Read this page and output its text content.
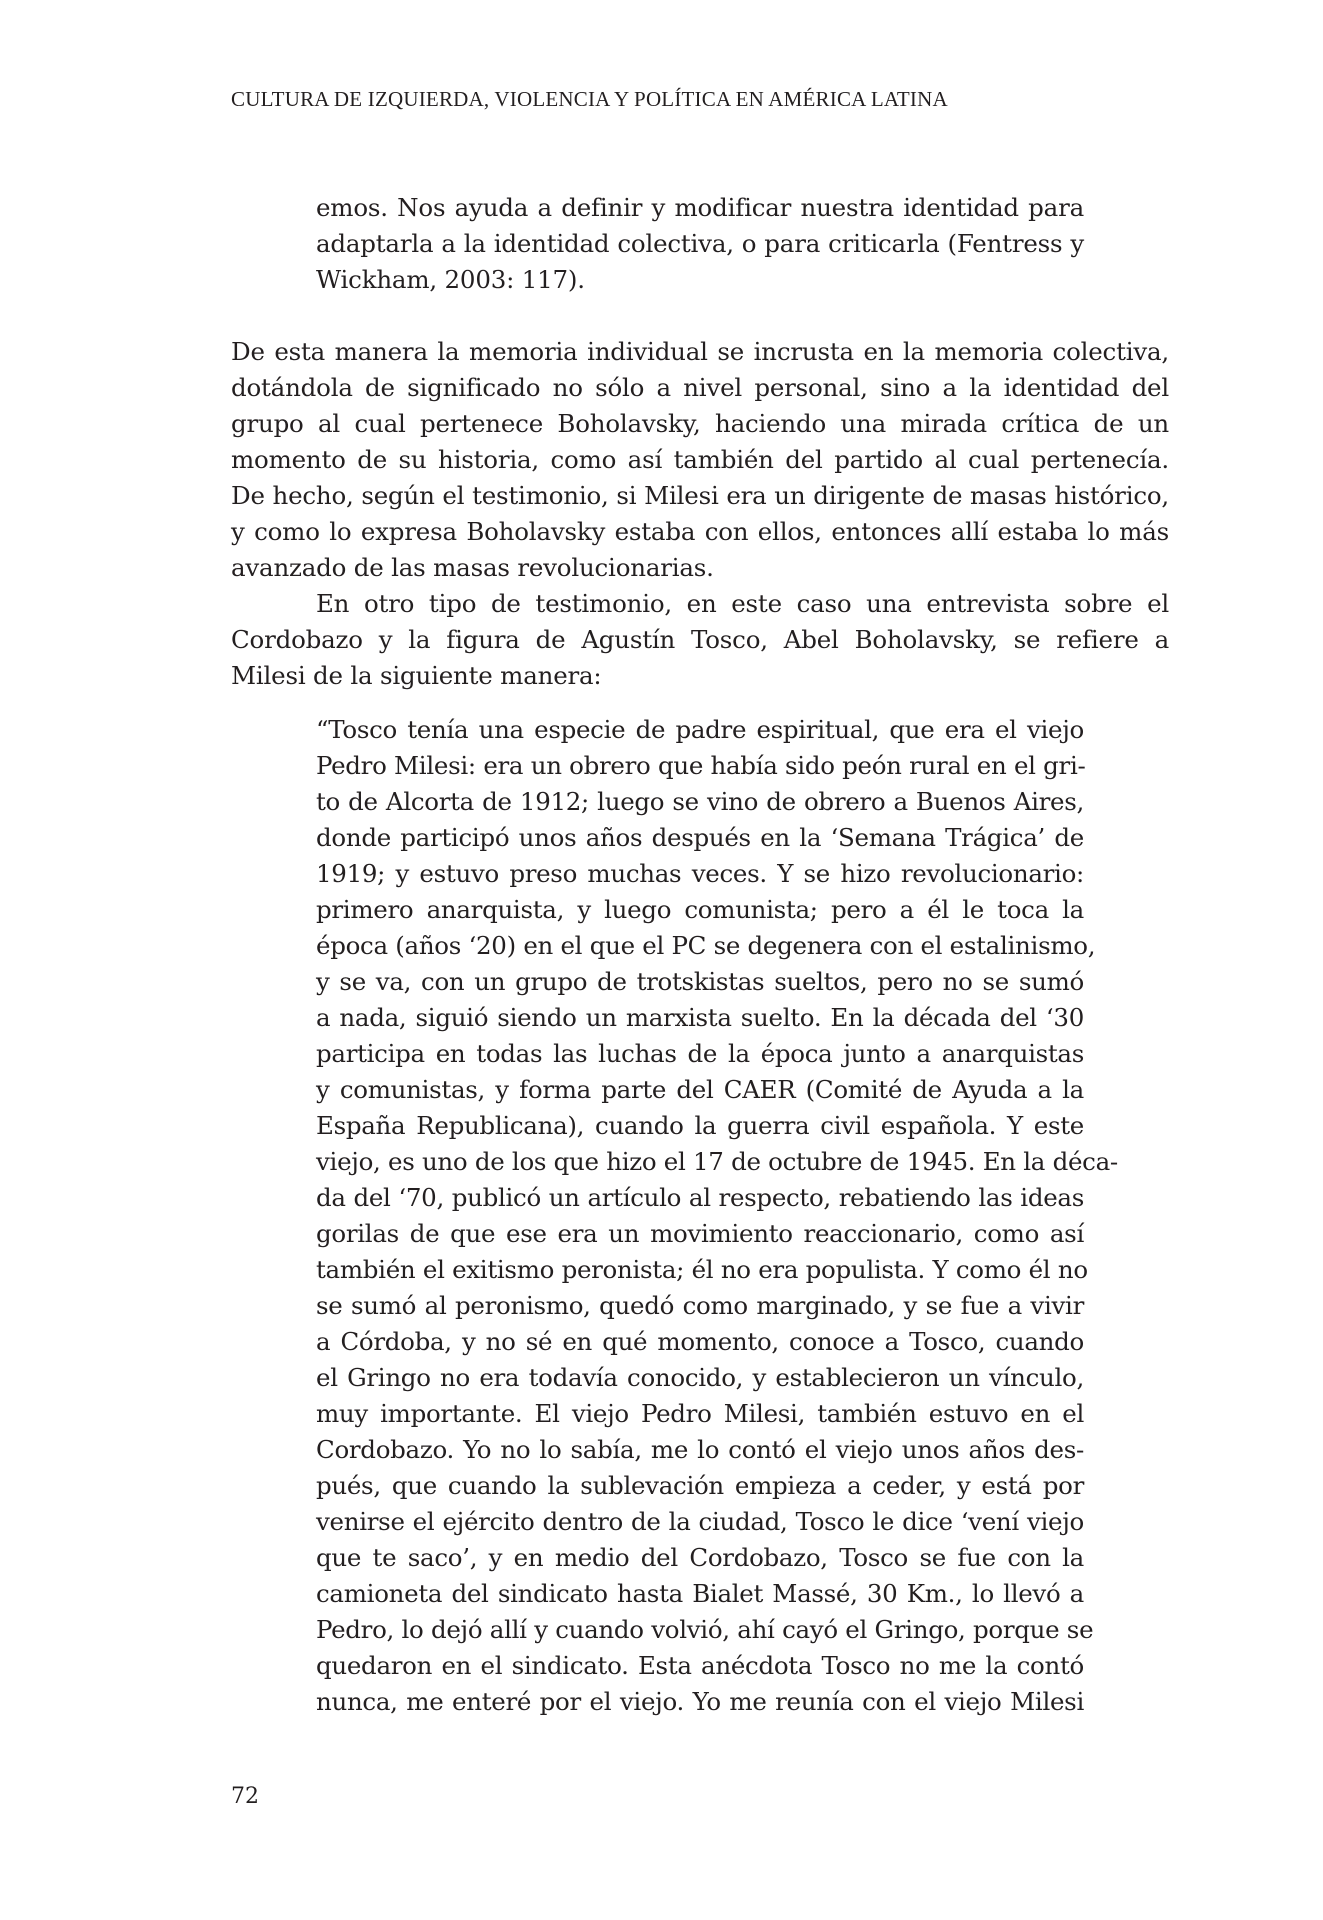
CULTURA DE IZQUIERDA, VIOLENCIA Y POLÍTICA EN AMÉRICA LATINA
emos. Nos ayuda a definir y modificar nuestra identidad para
adaptarla a la identidad colectiva, o para criticarla (Fentress y
Wickham, 2003: 117).
De esta manera la memoria individual se incrusta en la memoria colectiva,
dotándola de significado no sólo a nivel personal, sino a la identidad del
grupo al cual pertenece Boholavsky, haciendo una mirada crítica de un
momento de su historia, como así también del partido al cual pertenecía.
De hecho, según el testimonio, si Milesi era un dirigente de masas histórico,
y como lo expresa Boholavsky estaba con ellos, entonces allí estaba lo más
avanzado de las masas revolucionarias.
En otro tipo de testimonio, en este caso una entrevista sobre el
Cordobazo y la figura de Agustín Tosco, Abel Boholavsky, se refiere a
Milesi de la siguiente manera:
“Tosco tenía una especie de padre espiritual, que era el viejo
Pedro Milesi: era un obrero que había sido peón rural en el gri-
to de Alcorta de 1912; luego se vino de obrero a Buenos Aires,
donde participó unos años después en la ‘Semana Trágica’ de
1919; y estuvo preso muchas veces. Y se hizo revolucionario:
primero anarquista, y luego comunista; pero a él le toca la
época (años ‘20) en el que el PC se degenera con el estalinismo,
y se va, con un grupo de trotskistas sueltos, pero no se sumó
a nada, siguió siendo un marxista suelto. En la década del ‘30
participa en todas las luchas de la época junto a anarquistas
y comunistas, y forma parte del CAER (Comité de Ayuda a la
España Republicana), cuando la guerra civil española. Y este
viejo, es uno de los que hizo el 17 de octubre de 1945. En la déca-
da del ‘70, publicó un artículo al respecto, rebatiendo las ideas
gorilas de que ese era un movimiento reaccionario, como así
también el exitismo peronista; él no era populista. Y como él no
se sumó al peronismo, quedó como marginado, y se fue a vivir
a Córdoba, y no sé en qué momento, conoce a Tosco, cuando
el Gringo no era todavía conocido, y establecieron un vínculo,
muy importante. El viejo Pedro Milesi, también estuvo en el
Cordobazo. Yo no lo sabía, me lo contó el viejo unos años des-
pués, que cuando la sublevación empieza a ceder, y está por
venirse el ejército dentro de la ciudad, Tosco le dice ‘vení viejo
que te saco’, y en medio del Cordobazo, Tosco se fue con la
camioneta del sindicato hasta Bialet Massé, 30 Km., lo llevó a
Pedro, lo dejó allí y cuando volvió, ahí cayó el Gringo, porque se
quedaron en el sindicato. Esta anécdota Tosco no me la contó
nunca, me enteré por el viejo. Yo me reunía con el viejo Milesi
72
